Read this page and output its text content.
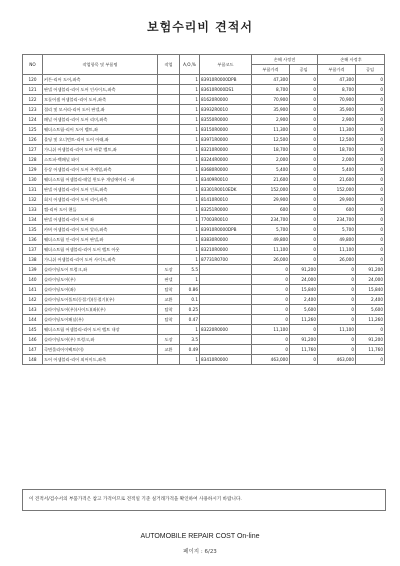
보험수리비 견적서
NO	작업항목 및 부품명	작업	A,O,%	부품코드	손해 사정전		손해 사정후	
					부품가격	공임	부품가격	공임
120	커튼-리어 도어,좌측		1	83910R0000DPB	47,300	0	47,300	0
121	판넬 어셈블리-리어 도어 인사이드,좌측		1	83610R000DS1	8,700	0	8,700	0
122	모듈어셈 어셈블리-리어 도어,좌측		1	81620R0000	70,900	0	70,900	0
123	절리 및 모서리-리어 도어 판넬,좌		1	83932R0010	35,900	0	35,900	0
124	패널 어셈블리-리어 도어 리머,좌측		1	83550R0000	2,900	0	2,900	0
125	웨더스트립-리어 도어 벨트,좌		1	83150R0000	11,300	0	11,300	0
126	몰딩 및 오너먼트-리어 도어 아래,좌		1	83971R0000	12,500	0	12,500	0
127	가니쉬 어셈블리-리어 도어 바깥 벨트,좌		1	83210R0000	18,700	0	18,700	0
128	스토퍼-백패널 와이		1	83244R0000	2,000	0	2,000	0
129	등상 어셈블리-리어 도어 주계열,좌측		1	83680R0000	5,400	0	5,400	0
130	웨더스트립 어셈블리-테일 윈도우 개념에어리 - 좌		1	83409R0010	21,600	0	21,600	0
131	판넬 어셈블리-리어 도어 인포,좌측		1	83301R0010EDK	152,000	0	152,000	0
132	회저 어셈블리-리어 도어 리어,좌측		1	81410R0010	29,900	0	29,900	0
133	캡-리어 도어 핸들		1	83251R0000	600	0	600	0
134	판넬 어셈블리-리어 도어 좌		1	77003R0010	234,700	0	234,700	0
135	카버 어셈블리-리어 도어 알파,좌측		1	83910R0000DPB	5,700	0	5,700	0
136	웨더스트립 인-리어 도어 판넬,좌		1	83830R0000	49,800	0	49,800	0
137	웨더스트립 어셈블리-리어 도어 벨트 아웃		1	83210R0000	11,100	0	11,100	0
138	가니쉬 어셈블리-리어 도어 사이드,좌측		1	87731R0700	26,000	0	26,000	0
139	슬라이딩도어 트렁크,좌	도장	5.5		0	91,200	0	91,200
140	슬라이딩도어(우)	판넬	1		0	24,000	0	24,000
141	슬라이딩도어(좌)	탈착	0.86		0	15,840	0	15,840
142	슬라이딩도어폴트(동절기)(동절기)(우)	교환	0.1		0	2,400	0	2,400
143	슬라이딩도어(우)(사이드)(좌)(우)	탈착	0.25		0	5,600	0	5,600
144	슬라이딩도어패널(우)	탈착	0.47		0	11,260	0	11,260
145	웨더스트립 어셈블리-리어 도어 벨트 내장		1	83220R0000	11,100	0	11,100	0
146	슬라이딩도어(우) 트렁크,좌	도장	3.5		0	91,200	0	91,200
147	곡면물리어이펙트(이)	교환	0.49		0	11,760	0	11,760
148	도어 어셈블리-리어 외어이드,좌측		1	83410R0000	463,000	0	463,000	0
이 견적서/검수서의 부품가격은 참고 가격이므로 견적일 기준 실거래가격을 확인하여 사용하시기 바랍니다.
AUTOMOBILE REPAIR COST On-line
페이지 : 6/23
